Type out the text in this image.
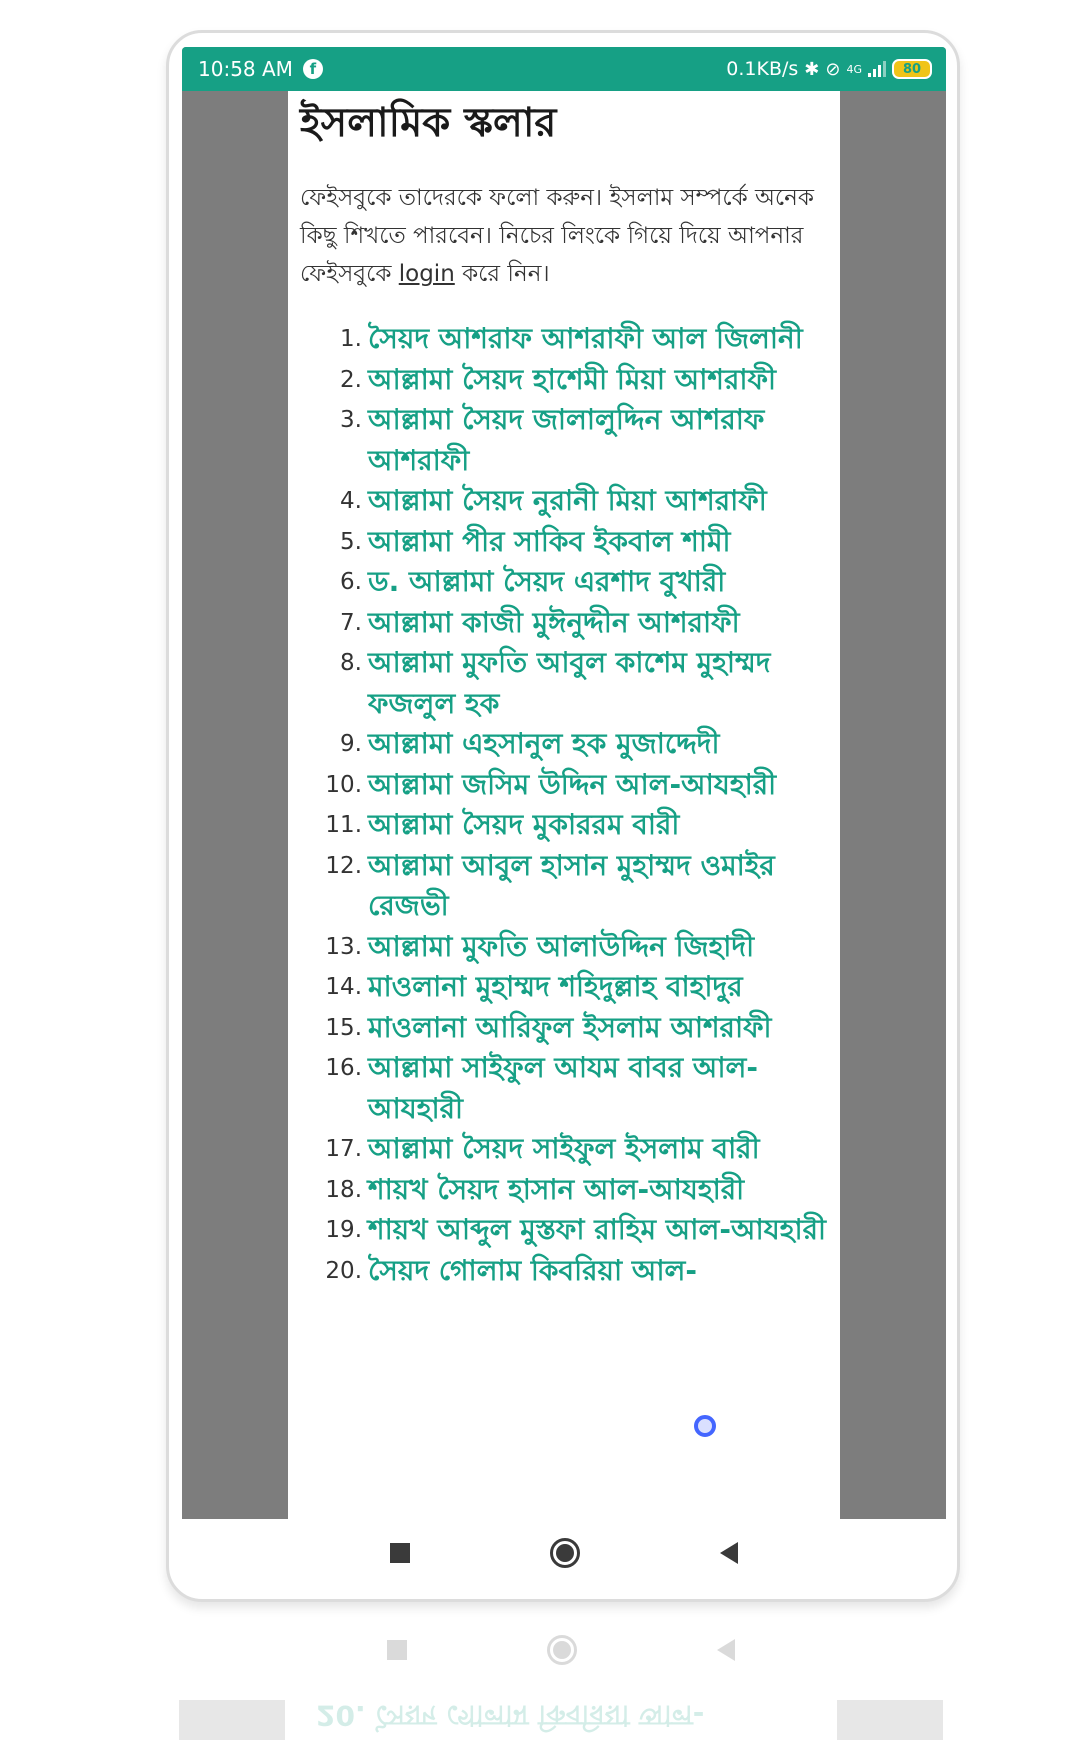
10:58 AM	f	0.1KB/s ✱ ⊘ 4G	80
ইসলামিক স্কলার

ফেইসবুকে তাদেরকে ফলো করুন। ইসলাম সম্পর্কে অনেক কিছু শিখতে পারবেন। নিচের লিংকে গিয়ে দিয়ে আপনার ফেইসবুকে login করে নিন।

1. সৈয়দ আশরাফ আশরাফী আল জিলানী
2. আল্লামা সৈয়দ হাশেমী মিয়া আশরাফী
3. আল্লামা সৈয়দ জালালুদ্দিন আশরাফ আশরাফী
4. আল্লামা সৈয়দ নুরানী মিয়া আশরাফী
5. আল্লামা পীর সাকিব ইকবাল শামী
6. ড. আল্লামা সৈয়দ এরশাদ বুখারী
7. আল্লামা কাজী মুঈনুদ্দীন আশরাফী
8. আল্লামা মুফতি আবুল কাশেম মুহাম্মদ ফজলুল হক
9. আল্লামা এহসানুল হক মুজাদ্দেদী
10. আল্লামা জসিম উদ্দিন আল-আযহারী
11. আল্লামা সৈয়দ মুকাররম বারী
12. আল্লামা আবুল হাসান মুহাম্মদ ওমাইর রেজভী
13. আল্লামা মুফতি আলাউদ্দিন জিহাদী
14. মাওলানা মুহাম্মদ শহিদুল্লাহ বাহাদুর
15. মাওলানা আরিফুল ইসলাম আশরাফী
16. আল্লামা সাইফুল আযম বাবর আল-আযহারী
17. আল্লামা সৈয়দ সাইফুল ইসলাম বারী
18. শায়খ সৈয়দ হাসান আল-আযহারী
19. শায়খ আব্দুল মুস্তফা রাহিম আল-আযহারী
20. সৈয়দ গোলাম কিবরিয়া আল-
20. সৈয়দ গোলাম কিবরিয়া আল-
